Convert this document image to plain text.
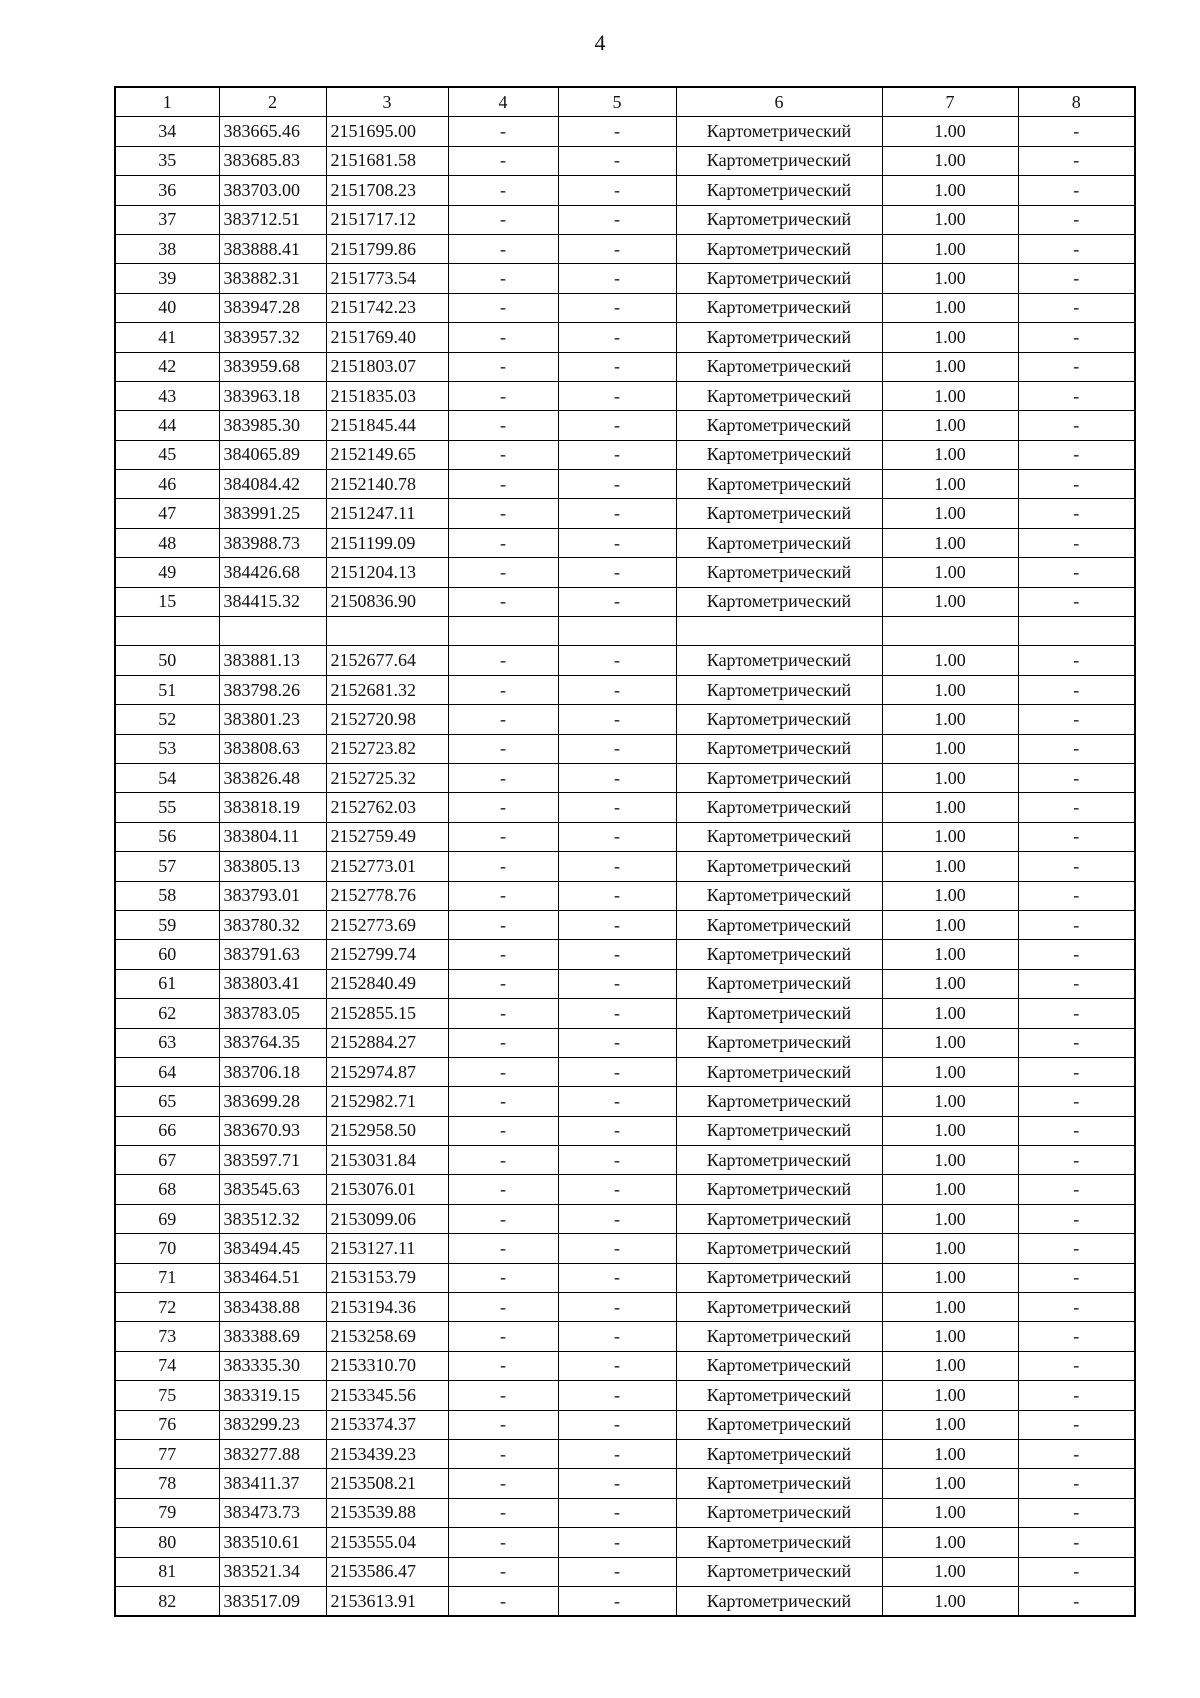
4
1	2	3	4	5	6	7	8
34	383665.46	2151695.00	-	-	Картометрический	1.00	-
35	383685.83	2151681.58	-	-	Картометрический	1.00	-
36	383703.00	2151708.23	-	-	Картометрический	1.00	-
37	383712.51	2151717.12	-	-	Картометрический	1.00	-
38	383888.41	2151799.86	-	-	Картометрический	1.00	-
39	383882.31	2151773.54	-	-	Картометрический	1.00	-
40	383947.28	2151742.23	-	-	Картометрический	1.00	-
41	383957.32	2151769.40	-	-	Картометрический	1.00	-
42	383959.68	2151803.07	-	-	Картометрический	1.00	-
43	383963.18	2151835.03	-	-	Картометрический	1.00	-
44	383985.30	2151845.44	-	-	Картометрический	1.00	-
45	384065.89	2152149.65	-	-	Картометрический	1.00	-
46	384084.42	2152140.78	-	-	Картометрический	1.00	-
47	383991.25	2151247.11	-	-	Картометрический	1.00	-
48	383988.73	2151199.09	-	-	Картометрический	1.00	-
49	384426.68	2151204.13	-	-	Картометрический	1.00	-
15	384415.32	2150836.90	-	-	Картометрический	1.00	-

50	383881.13	2152677.64	-	-	Картометрический	1.00	-
51	383798.26	2152681.32	-	-	Картометрический	1.00	-
52	383801.23	2152720.98	-	-	Картометрический	1.00	-
53	383808.63	2152723.82	-	-	Картометрический	1.00	-
54	383826.48	2152725.32	-	-	Картометрический	1.00	-
55	383818.19	2152762.03	-	-	Картометрический	1.00	-
56	383804.11	2152759.49	-	-	Картометрический	1.00	-
57	383805.13	2152773.01	-	-	Картометрический	1.00	-
58	383793.01	2152778.76	-	-	Картометрический	1.00	-
59	383780.32	2152773.69	-	-	Картометрический	1.00	-
60	383791.63	2152799.74	-	-	Картометрический	1.00	-
61	383803.41	2152840.49	-	-	Картометрический	1.00	-
62	383783.05	2152855.15	-	-	Картометрический	1.00	-
63	383764.35	2152884.27	-	-	Картометрический	1.00	-
64	383706.18	2152974.87	-	-	Картометрический	1.00	-
65	383699.28	2152982.71	-	-	Картометрический	1.00	-
66	383670.93	2152958.50	-	-	Картометрический	1.00	-
67	383597.71	2153031.84	-	-	Картометрический	1.00	-
68	383545.63	2153076.01	-	-	Картометрический	1.00	-
69	383512.32	2153099.06	-	-	Картометрический	1.00	-
70	383494.45	2153127.11	-	-	Картометрический	1.00	-
71	383464.51	2153153.79	-	-	Картометрический	1.00	-
72	383438.88	2153194.36	-	-	Картометрический	1.00	-
73	383388.69	2153258.69	-	-	Картометрический	1.00	-
74	383335.30	2153310.70	-	-	Картометрический	1.00	-
75	383319.15	2153345.56	-	-	Картометрический	1.00	-
76	383299.23	2153374.37	-	-	Картометрический	1.00	-
77	383277.88	2153439.23	-	-	Картометрический	1.00	-
78	383411.37	2153508.21	-	-	Картометрический	1.00	-
79	383473.73	2153539.88	-	-	Картометрический	1.00	-
80	383510.61	2153555.04	-	-	Картометрический	1.00	-
81	383521.34	2153586.47	-	-	Картометрический	1.00	-
82	383517.09	2153613.91	-	-	Картометрический	1.00	-
